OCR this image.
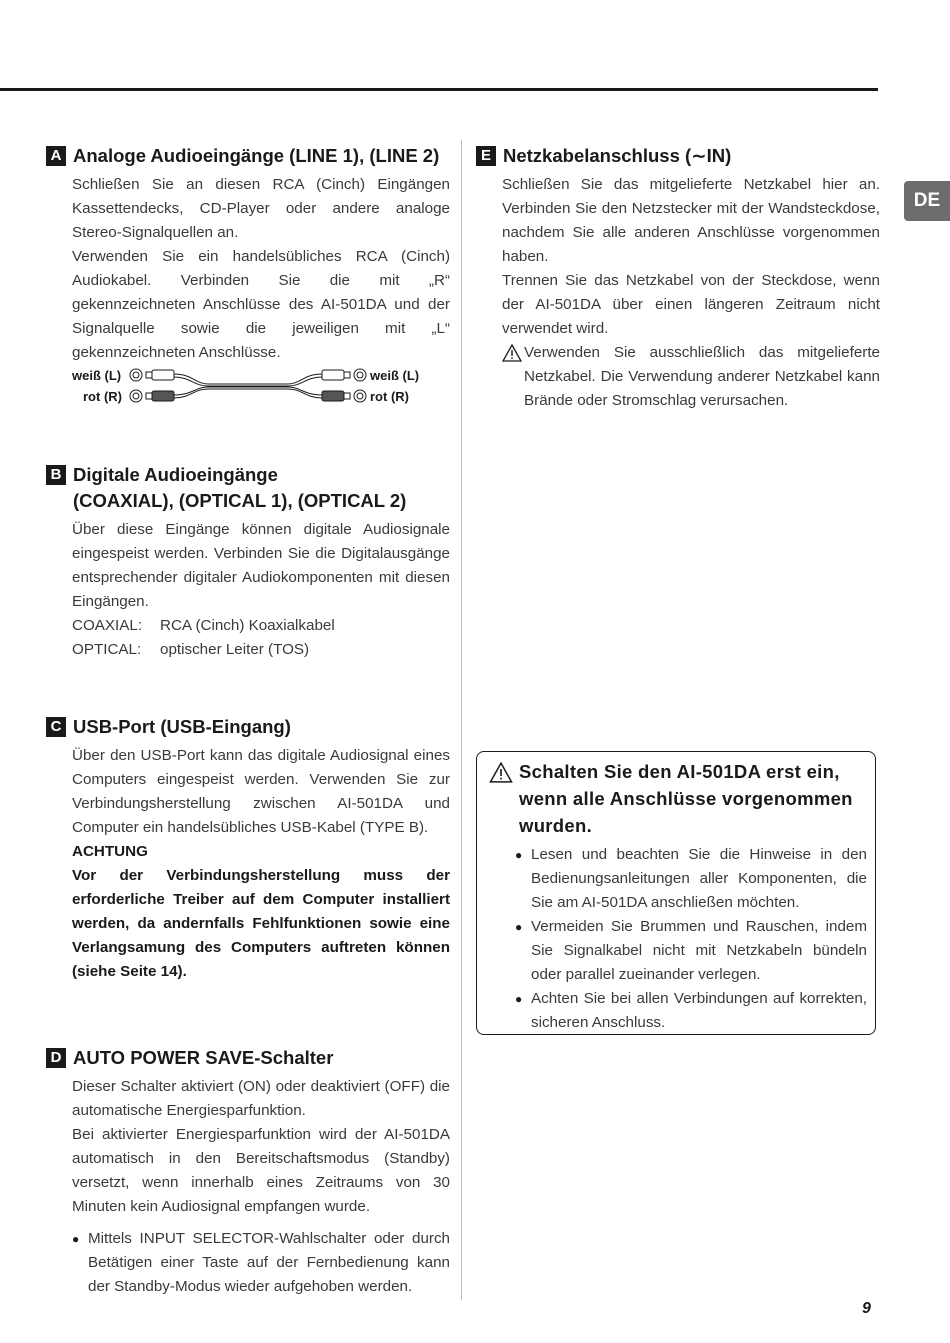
DE
A Analoge Audioeingänge (LINE 1), (LINE 2)

Schließen Sie an diesen RCA (Cinch) Eingängen Kassettendecks, CD-Player oder andere analoge Stereo-Signalquellen an.

Verwenden Sie ein handelsübliches RCA (Cinch) Audiokabel. Verbinden Sie die mit „R“ gekennzeichneten Anschlüsse des AI-501DA und der Signalquelle sowie die jeweiligen mit „L“ gekennzeichneten Anschlüsse.

weiß (L)
rot (R)
weiß (L)
rot (R)
B Digitale Audioeingänge
(COAXIAL), (OPTICAL 1), (OPTICAL 2)

Über diese Eingänge können digitale Audiosignale eingespeist werden. Verbinden Sie die Digitalausgänge entsprechender digitaler Audiokomponenten mit diesen Eingängen.

COAXIAL:	RCA (Cinch) Koaxialkabel
OPTICAL:	optischer Leiter (TOS)
C USB-Port (USB-Eingang)

Über den USB-Port kann das digitale Audiosignal eines Computers eingespeist werden. Verwenden Sie zur Verbindungsherstellung zwischen AI-501DA und Computer ein handelsübliches USB-Kabel (TYPE B).

ACHTUNG

Vor der Verbindungsherstellung muss der erforderliche Treiber auf dem Computer installiert werden, da andernfalls Fehlfunktionen sowie eine Verlangsamung des Computers auftreten können (siehe Seite 14).

D AUTO POWER SAVE-Schalter

Dieser Schalter aktiviert (ON) oder deaktiviert (OFF) die automatische Energiesparfunktion.

Bei aktivierter Energiesparfunktion wird der AI-501DA automatisch in den Bereitschaftsmodus (Standby) versetzt, wenn innerhalb eines Zeitraums von 30 Minuten kein Audiosignal empfangen wurde.

● Mittels INPUT SELECTOR-Wahlschalter oder durch Betätigen einer Taste auf der Fernbedienung kann der Standby-Modus wieder aufgehoben werden.
E Netzkabelanschluss (∼IN)

Schließen Sie das mitgelieferte Netzkabel hier an. Verbinden Sie den Netzstecker mit der Wandsteckdose, nachdem Sie alle anderen Anschlüsse vorgenommen haben.

Trennen Sie das Netzkabel von der Steckdose, wenn der AI-501DA über einen längeren Zeitraum nicht verwendet wird.

Verwenden Sie ausschließlich das mitgelieferte Netzkabel. Die Verwendung anderer Netzkabel kann Brände oder Stromschlag verursachen.
Schalten Sie den AI-501DA erst ein, wenn alle Anschlüsse vorgenommen wurden.
● Lesen und beachten Sie die Hinweise in den Bedienungsanleitungen aller Komponenten, die Sie am AI-501DA anschließen möchten.
● Vermeiden Sie Brummen und Rauschen, indem Sie Signalkabel nicht mit Netzkabeln bündeln oder parallel zueinander verlegen.
● Achten Sie bei allen Verbindungen auf korrekten, sicheren Anschluss.
9
